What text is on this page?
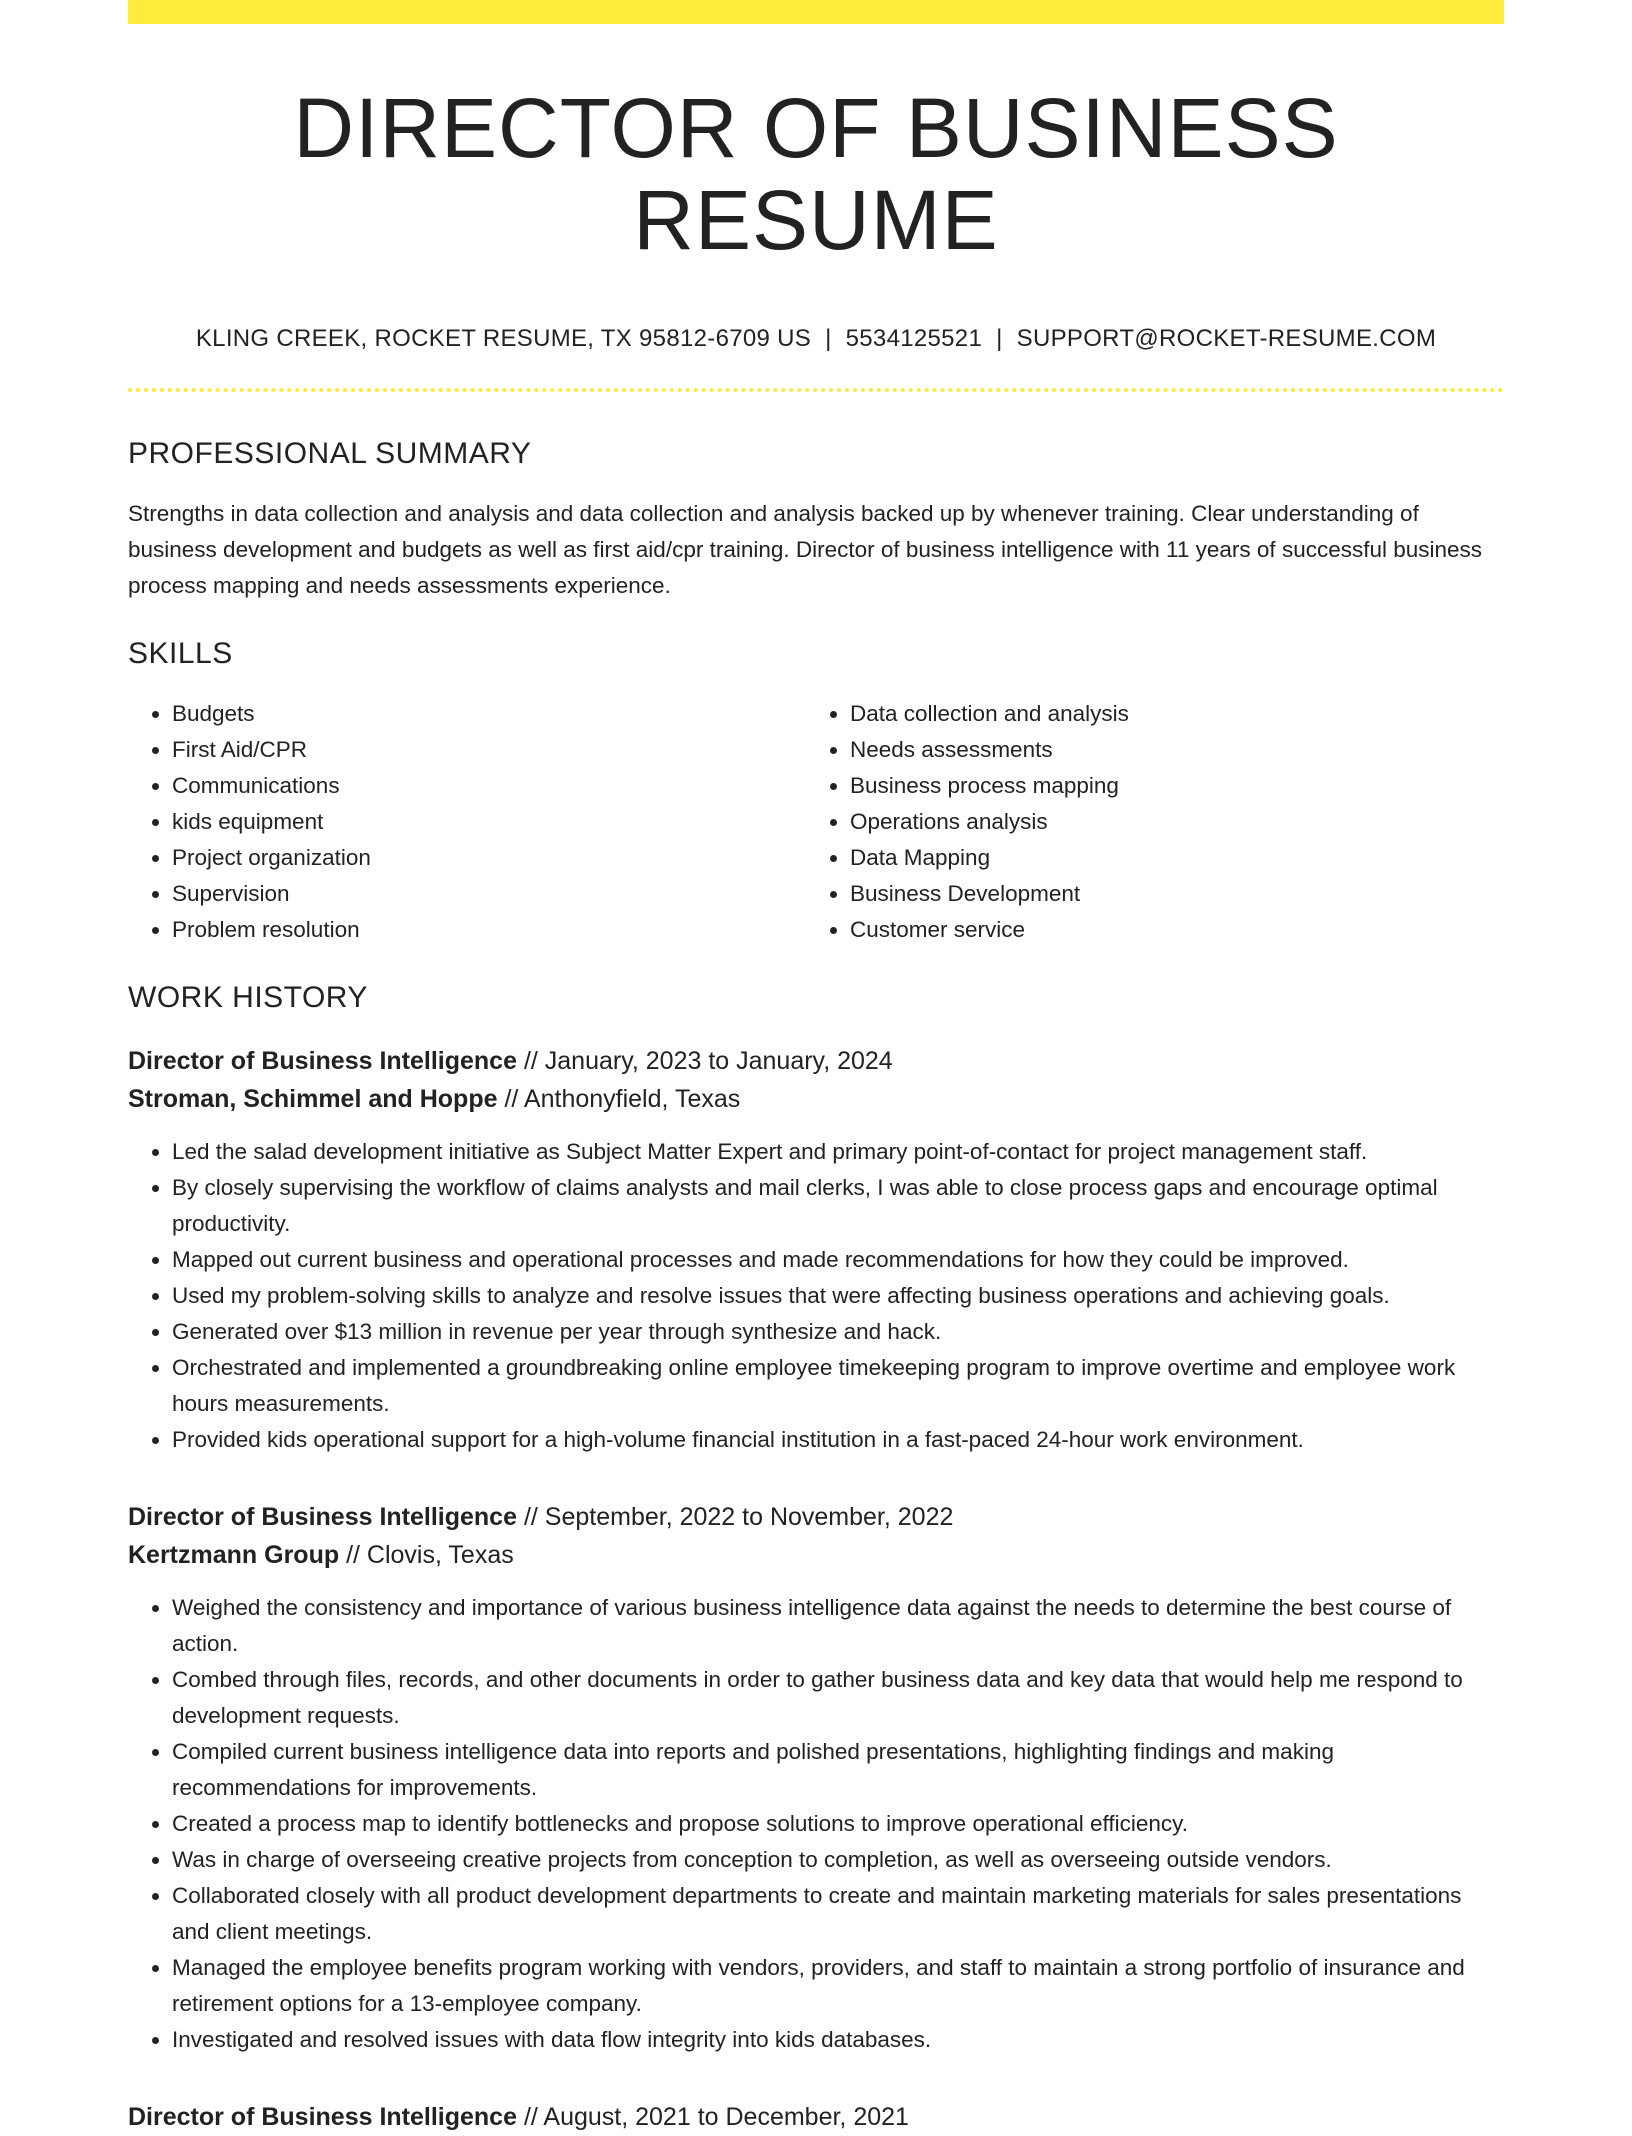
DIRECTOR OF BUSINESS RESUME
KLING CREEK, ROCKET RESUME, TX 95812-6709 US | 5534125521 | SUPPORT@ROCKET-RESUME.COM
PROFESSIONAL SUMMARY
Strengths in data collection and analysis and data collection and analysis backed up by whenever training. Clear understanding of business development and budgets as well as first aid/cpr training. Director of business intelligence with 11 years of successful business process mapping and needs assessments experience.
SKILLS
• Budgets
• First Aid/CPR
• Communications
• kids equipment
• Project organization
• Supervision
• Problem resolution
• Data collection and analysis
• Needs assessments
• Business process mapping
• Operations analysis
• Data Mapping
• Business Development
• Customer service
WORK HISTORY
Director of Business Intelligence // January, 2023 to January, 2024
Stroman, Schimmel and Hoppe // Anthonyfield, Texas
• Led the salad development initiative as Subject Matter Expert and primary point-of-contact for project management staff.
• By closely supervising the workflow of claims analysts and mail clerks, I was able to close process gaps and encourage optimal productivity.
• Mapped out current business and operational processes and made recommendations for how they could be improved.
• Used my problem-solving skills to analyze and resolve issues that were affecting business operations and achieving goals.
• Generated over $13 million in revenue per year through synthesize and hack.
• Orchestrated and implemented a groundbreaking online employee timekeeping program to improve overtime and employee work hours measurements.
• Provided kids operational support for a high-volume financial institution in a fast-paced 24-hour work environment.
Director of Business Intelligence // September, 2022 to November, 2022
Kertzmann Group // Clovis, Texas
• Weighed the consistency and importance of various business intelligence data against the needs to determine the best course of action.
• Combed through files, records, and other documents in order to gather business data and key data that would help me respond to development requests.
• Compiled current business intelligence data into reports and polished presentations, highlighting findings and making recommendations for improvements.
• Created a process map to identify bottlenecks and propose solutions to improve operational efficiency.
• Was in charge of overseeing creative projects from conception to completion, as well as overseeing outside vendors.
• Collaborated closely with all product development departments to create and maintain marketing materials for sales presentations and client meetings.
• Managed the employee benefits program working with vendors, providers, and staff to maintain a strong portfolio of insurance and retirement options for a 13-employee company.
• Investigated and resolved issues with data flow integrity into kids databases.
Director of Business Intelligence // August, 2021 to December, 2021
